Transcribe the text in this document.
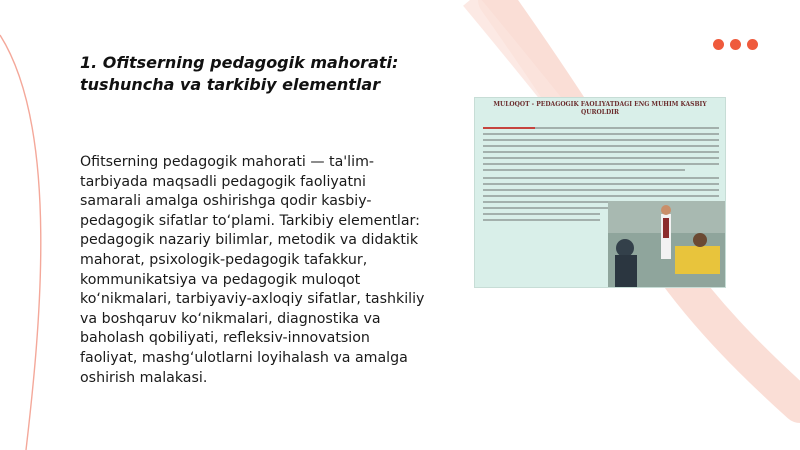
1. Ofitserning pedagogik mahorati: tushuncha va tarkibiy elementlar

Ofitserning pedagogik mahorati — ta'lim-tarbiyada maqsadli pedagogik faoliyatni samarali amalga oshirishga qodir kasbiy-pedagogik sifatlar to‘plami. Tarkibiy elementlar: pedagogik nazariy bilimlar, metodik va didaktik mahorat, psixologik-pedagogik tafakkur, kommunikatsiya va pedagogik muloqot ko‘nikmalari, tarbiyaviy-axloqiy sifatlar, tashkiliy va boshqaruv ko‘nikmalari, diagnostika va baholash qobiliyati, refleksiv-innovatsion faoliyat, mashg‘ulotlarni loyihalash va amalga oshirish malakasi.

MULOQOT - PEDAGOGIK FAOLIYATDAGI ENG MUHIM KASBIY QUROLDIR
